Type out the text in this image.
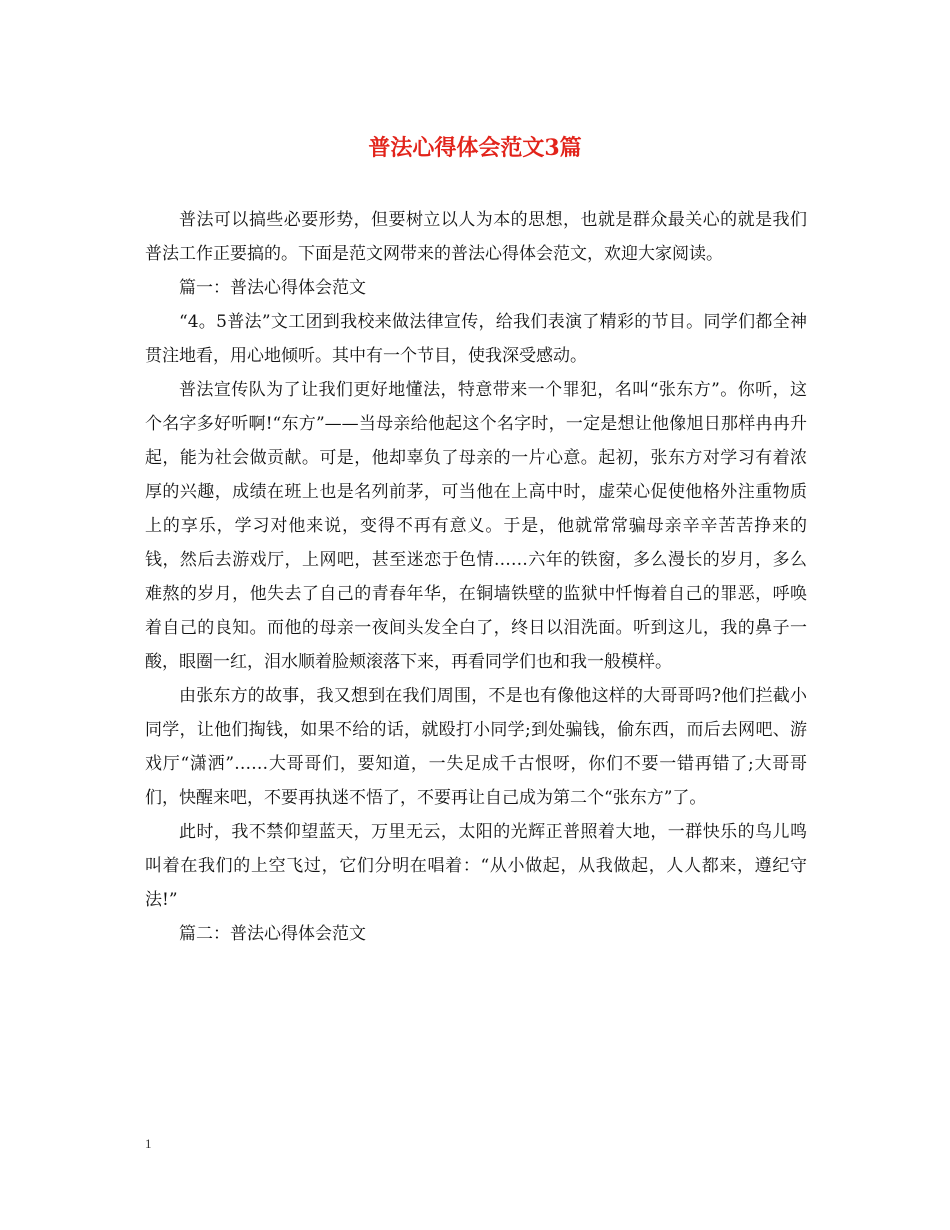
普法心得体会范文3篇

普法可以搞些必要形势，但要树立以人为本的思想，也就是群众最关心的就是我们普法工作正要搞的。下面是范文网带来的普法心得体会范文，欢迎大家阅读。

篇一：普法心得体会范文

“4。5普法”文工团到我校来做法律宣传，给我们表演了精彩的节目。同学们都全神贯注地看，用心地倾听。其中有一个节目，使我深受感动。

普法宣传队为了让我们更好地懂法，特意带来一个罪犯，名叫“张东方”。你听，这个名字多好听啊!“东方”——当母亲给他起这个名字时，一定是想让他像旭日那样冉冉升起，能为社会做贡献。可是，他却辜负了母亲的一片心意。起初，张东方对学习有着浓厚的兴趣，成绩在班上也是名列前茅，可当他在上高中时，虚荣心促使他格外注重物质上的享乐，学习对他来说，变得不再有意义。于是，他就常常骗母亲辛辛苦苦挣来的钱，然后去游戏厅，上网吧，甚至迷恋于色情……六年的铁窗，多么漫长的岁月，多么难熬的岁月，他失去了自己的青春年华，在铜墙铁壁的监狱中忏悔着自己的罪恶，呼唤着自己的良知。而他的母亲一夜间头发全白了，终日以泪洗面。听到这儿，我的鼻子一酸，眼圈一红，泪水顺着脸颊滚落下来，再看同学们也和我一般模样。

由张东方的故事，我又想到在我们周围，不是也有像他这样的大哥哥吗?他们拦截小同学，让他们掏钱，如果不给的话，就殴打小同学;到处骗钱，偷东西，而后去网吧、游戏厅“潇洒”……大哥哥们，要知道，一失足成千古恨呀，你们不要一错再错了;大哥哥们，快醒来吧，不要再执迷不悟了，不要再让自己成为第二个“张东方”了。

此时，我不禁仰望蓝天，万里无云，太阳的光辉正普照着大地，一群快乐的鸟儿鸣叫着在我们的上空飞过，它们分明在唱着：“从小做起，从我做起，人人都来，遵纪守法!”

篇二：普法心得体会范文

1
